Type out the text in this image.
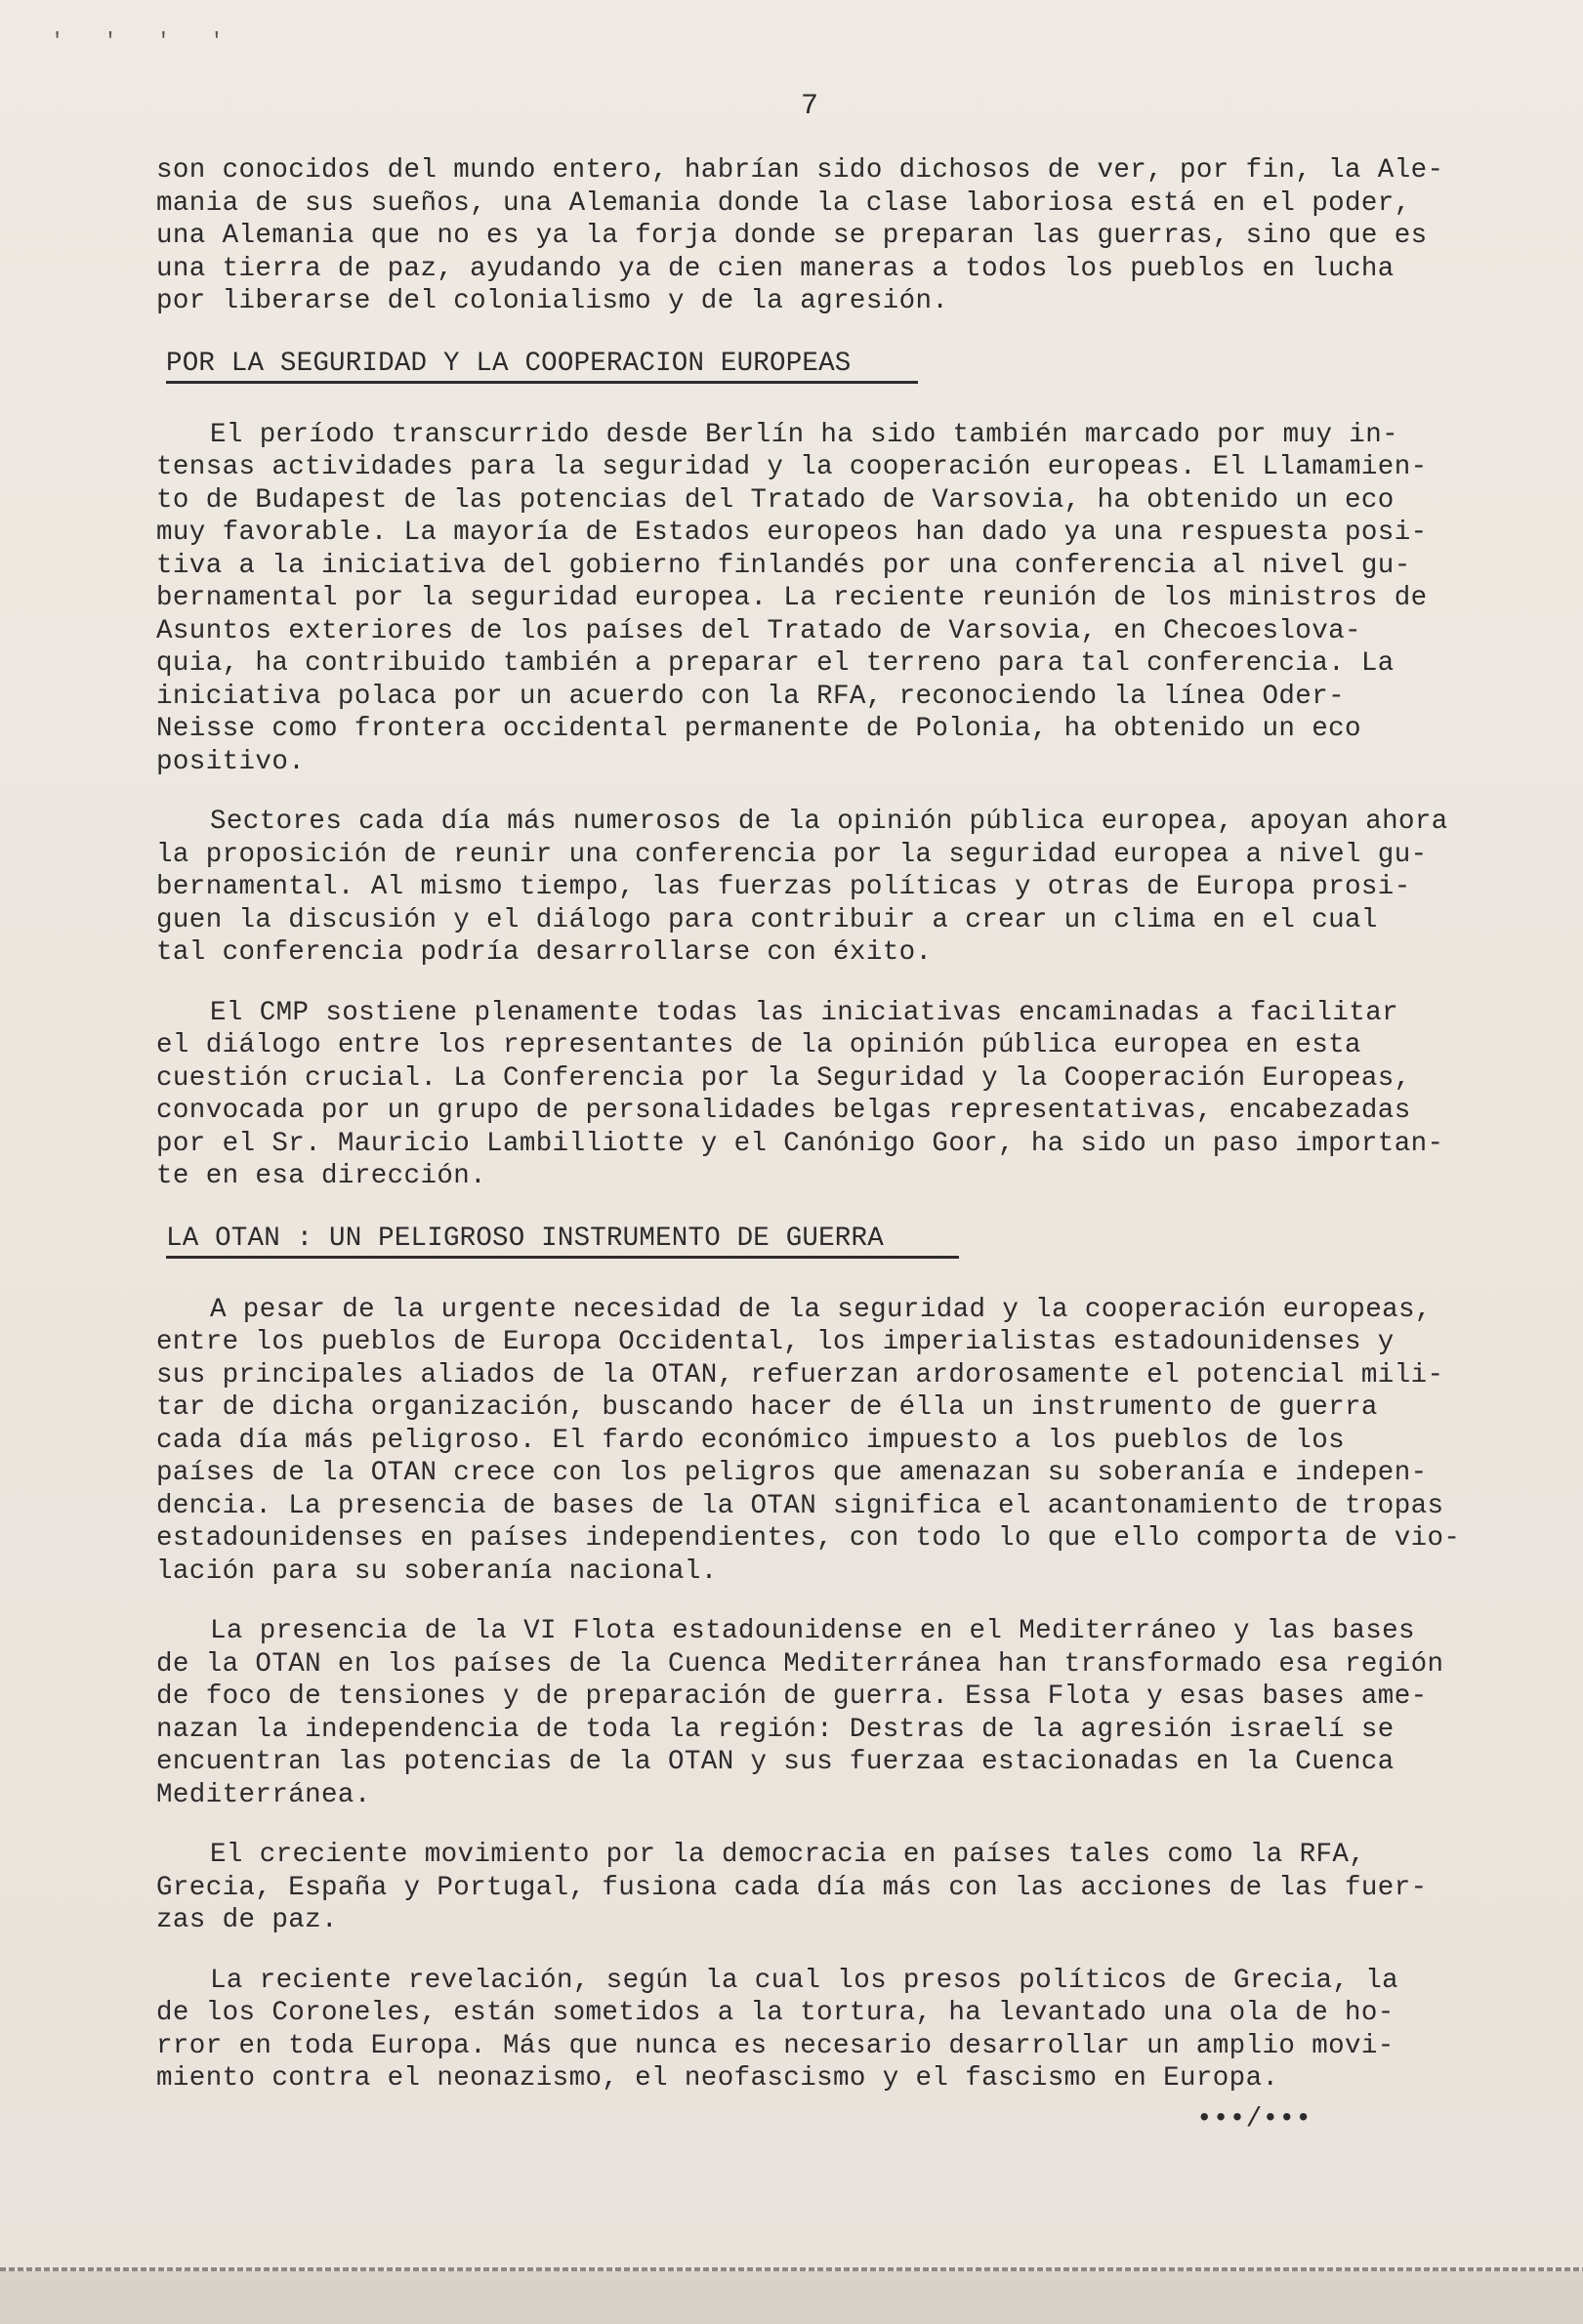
' ' ' '
7
son conocidos del mundo entero, habrían sido dichosos de ver, por fin, la Ale-
mania de sus sueños, una Alemania donde la clase laboriosa está en el poder,
una Alemania que no es ya la forja donde se preparan las guerras, sino que es
una tierra de paz, ayudando ya de cien maneras a todos los pueblos en lucha
por liberarse del colonialismo y de la agresión.
POR LA SEGURIDAD Y LA COOPERACION EUROPEAS
El período transcurrido desde Berlín ha sido también marcado por muy in-
tensas actividades para la seguridad y la cooperación europeas. El Llamamien-
to de Budapest de las potencias del Tratado de Varsovia, ha obtenido un eco
muy favorable. La mayoría de Estados europeos han dado ya una respuesta posi-
tiva a la iniciativa del gobierno finlandés por una conferencia al nivel gu-
bernamental por la seguridad europea. La reciente reunión de los ministros de
Asuntos exteriores de los países del Tratado de Varsovia, en Checoeslova-
quia, ha contribuido también a preparar el terreno para tal conferencia. La
iniciativa polaca por un acuerdo con la RFA, reconociendo la línea Oder-
Neisse como frontera occidental permanente de Polonia, ha obtenido un eco
positivo.
Sectores cada día más numerosos de la opinión pública europea, apoyan ahora
la proposición de reunir una conferencia por la seguridad europea a nivel gu-
bernamental. Al mismo tiempo, las fuerzas políticas y otras de Europa prosi-
guen la discusión y el diálogo para contribuir a crear un clima en el cual
tal conferencia podría desarrollarse con éxito.
El CMP sostiene plenamente todas las iniciativas encaminadas a facilitar
el diálogo entre los representantes de la opinión pública europea en esta
cuestión crucial. La Conferencia por la Seguridad y la Cooperación Europeas,
convocada por un grupo de personalidades belgas representativas, encabezadas
por el Sr. Mauricio Lambilliotte y el Canónigo Goor, ha sido un paso importan-
te en esa dirección.
LA OTAN : UN PELIGROSO INSTRUMENTO DE GUERRA
A pesar de la urgente necesidad de la seguridad y la cooperación europeas,
entre los pueblos de Europa Occidental, los imperialistas estadounidenses y
sus principales aliados de la OTAN, refuerzan ardorosamente el potencial mili-
tar de dicha organización, buscando hacer de élla un instrumento de guerra
cada día más peligroso. El fardo económico impuesto a los pueblos de los
países de la OTAN crece con los peligros que amenazan su soberanía e indepen-
dencia. La presencia de bases de la OTAN significa el acantonamiento de tropas
estadounidenses en países independientes, con todo lo que ello comporta de vio-
lación para su soberanía nacional.
La presencia de la VI Flota estadounidense en el Mediterráneo y las bases
de la OTAN en los países de la Cuenca Mediterránea han transformado esa región
de foco de tensiones y de preparación de guerra. Essa Flota y esas bases ame-
nazan la independencia de toda la región: Destras de la agresión israelí se
encuentran las potencias de la OTAN y sus fuerzaa estacionadas en la Cuenca
Mediterránea.
El creciente movimiento por la democracia en países tales como la RFA,
Grecia, España y Portugal, fusiona cada día más con las acciones de las fuer-
zas de paz.
La reciente revelación, según la cual los presos políticos de Grecia, la
de los Coroneles, están sometidos a la tortura, ha levantado una ola de ho-
rror en toda Europa. Más que nunca es necesario desarrollar un amplio movi-
miento contra el neonazismo, el neofascismo y el fascismo en Europa.
•••/•••
